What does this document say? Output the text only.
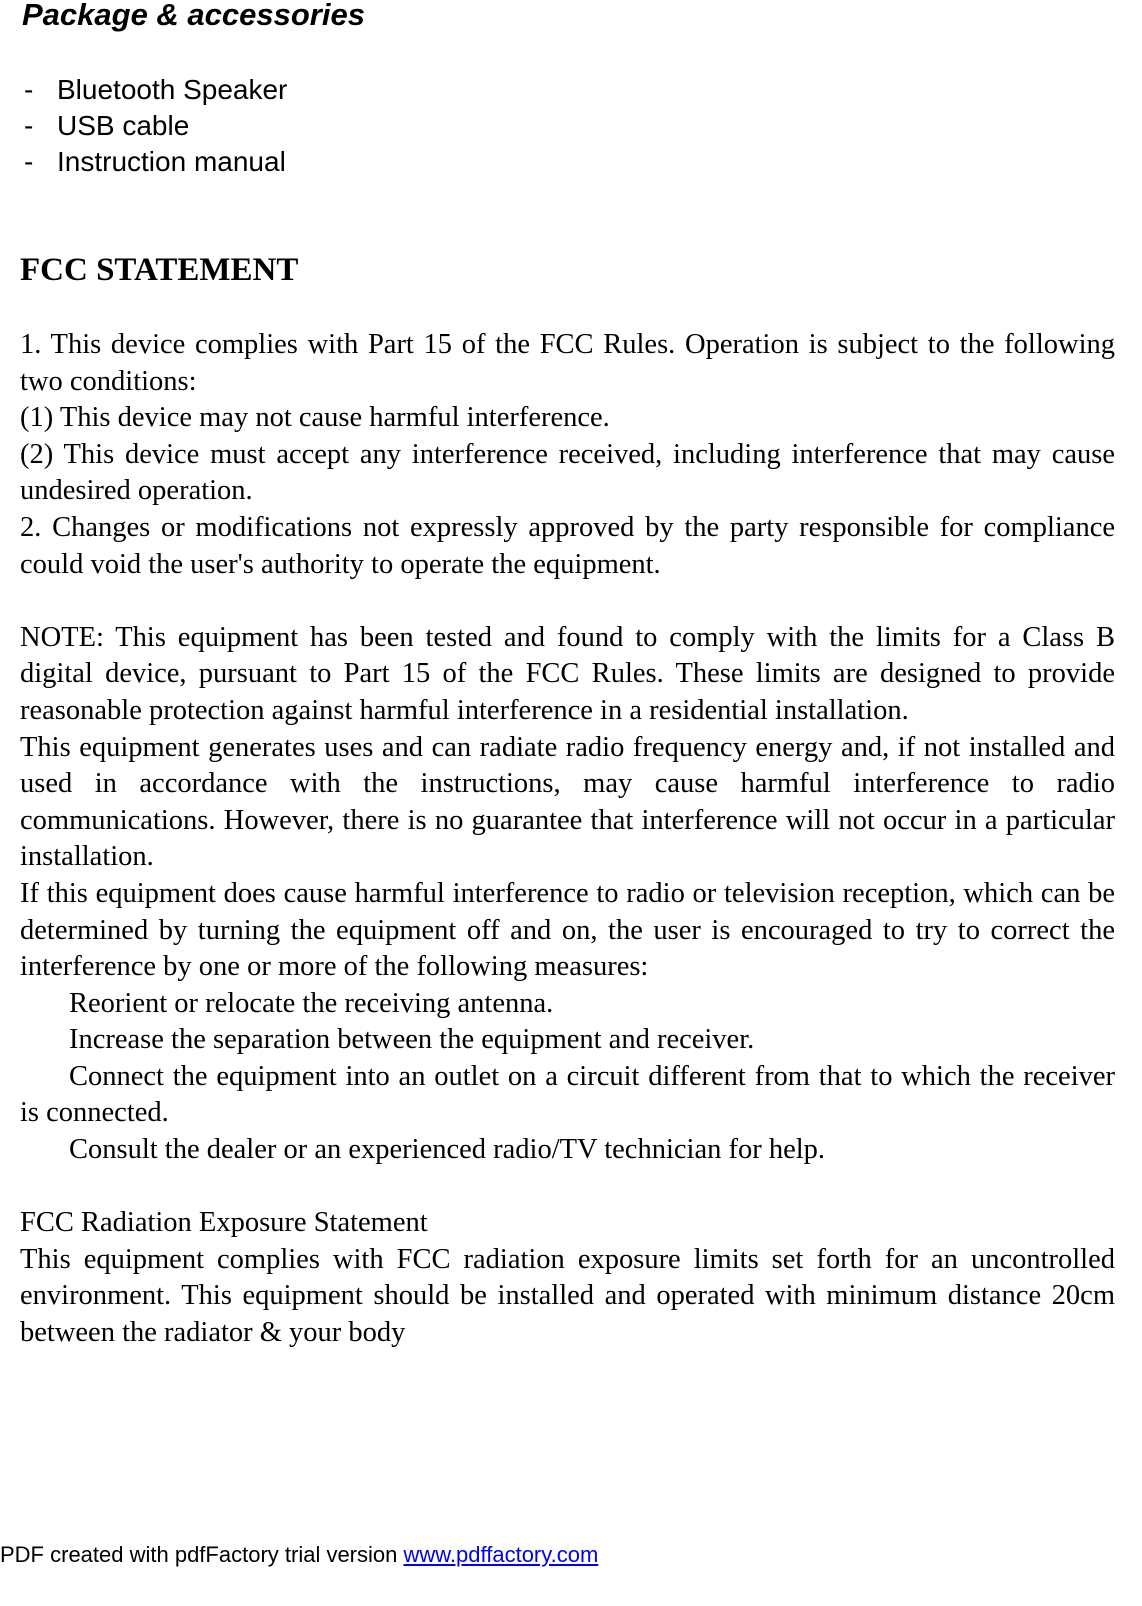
Package & accessories
- Bluetooth Speaker
- USB cable
- Instruction manual
FCC STATEMENT

1. This device complies with Part 15 of the FCC Rules. Operation is subject to the following two conditions:

(1) This device may not cause harmful interference.

(2) This device must accept any interference received, including interference that may cause undesired operation.

2. Changes or modifications not expressly approved by the party responsible for compliance could void the user's authority to operate the equipment.

NOTE: This equipment has been tested and found to comply with the limits for a Class B digital device, pursuant to Part 15 of the FCC Rules. These limits are designed to provide reasonable protection against harmful interference in a residential installation.

This equipment generates uses and can radiate radio frequency energy and, if not installed and used in accordance with the instructions, may cause harmful interference to radio communications. However, there is no guarantee that interference will not occur in a particular installation.

If this equipment does cause harmful interference to radio or television reception, which can be determined by turning the equipment off and on, the user is encouraged to try to correct the interference by one or more of the following measures:

Reorient or relocate the receiving antenna.

Increase the separation between the equipment and receiver.

Connect the equipment into an outlet on a circuit different from that to which the receiver is connected.

Consult the dealer or an experienced radio/TV technician for help.

FCC Radiation Exposure Statement

This equipment complies with FCC radiation exposure limits set forth for an uncontrolled environment. This equipment should be installed and operated with minimum distance 20cm between the radiator & your body

PDF created with pdfFactory trial version www.pdffactory.com
